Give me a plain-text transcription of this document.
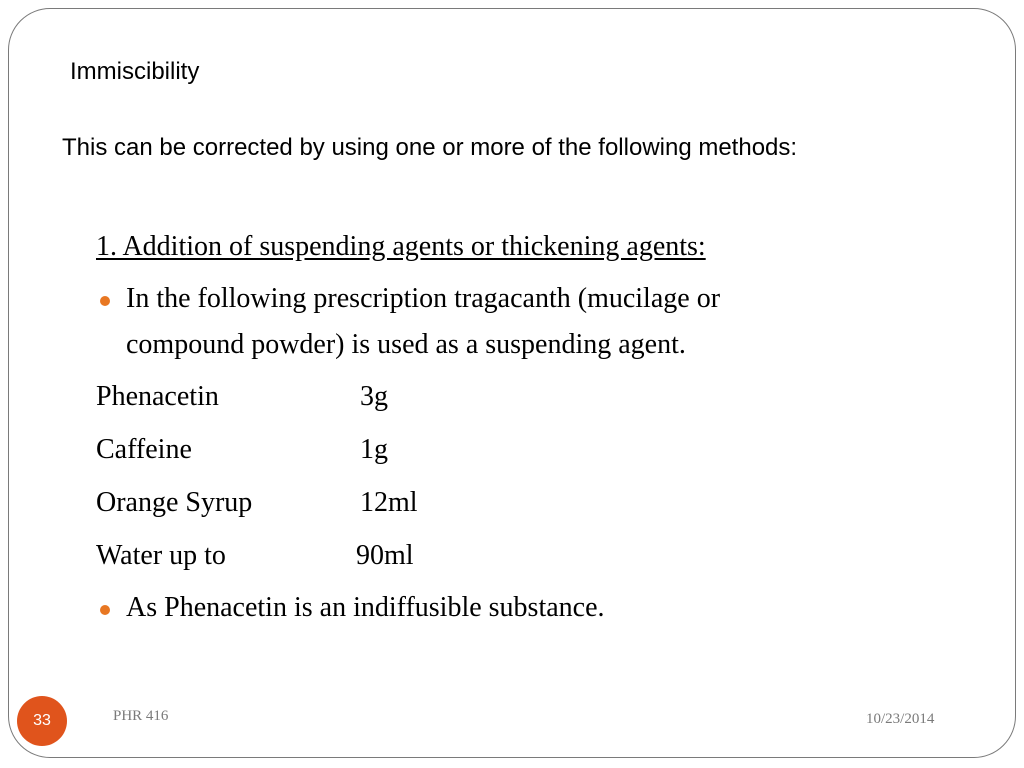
Immiscibility
This can be corrected by using one or more of the following methods:
1. Addition of suspending agents or thickening agents:
In the following prescription tragacanth (mucilage or
compound powder) is used as a suspending agent.
Phenacetin	3g
Caffeine	1g
Orange Syrup	12ml
Water up to	90ml
As Phenacetin is an indiffusible substance.
33	PHR 416	10/23/2014
